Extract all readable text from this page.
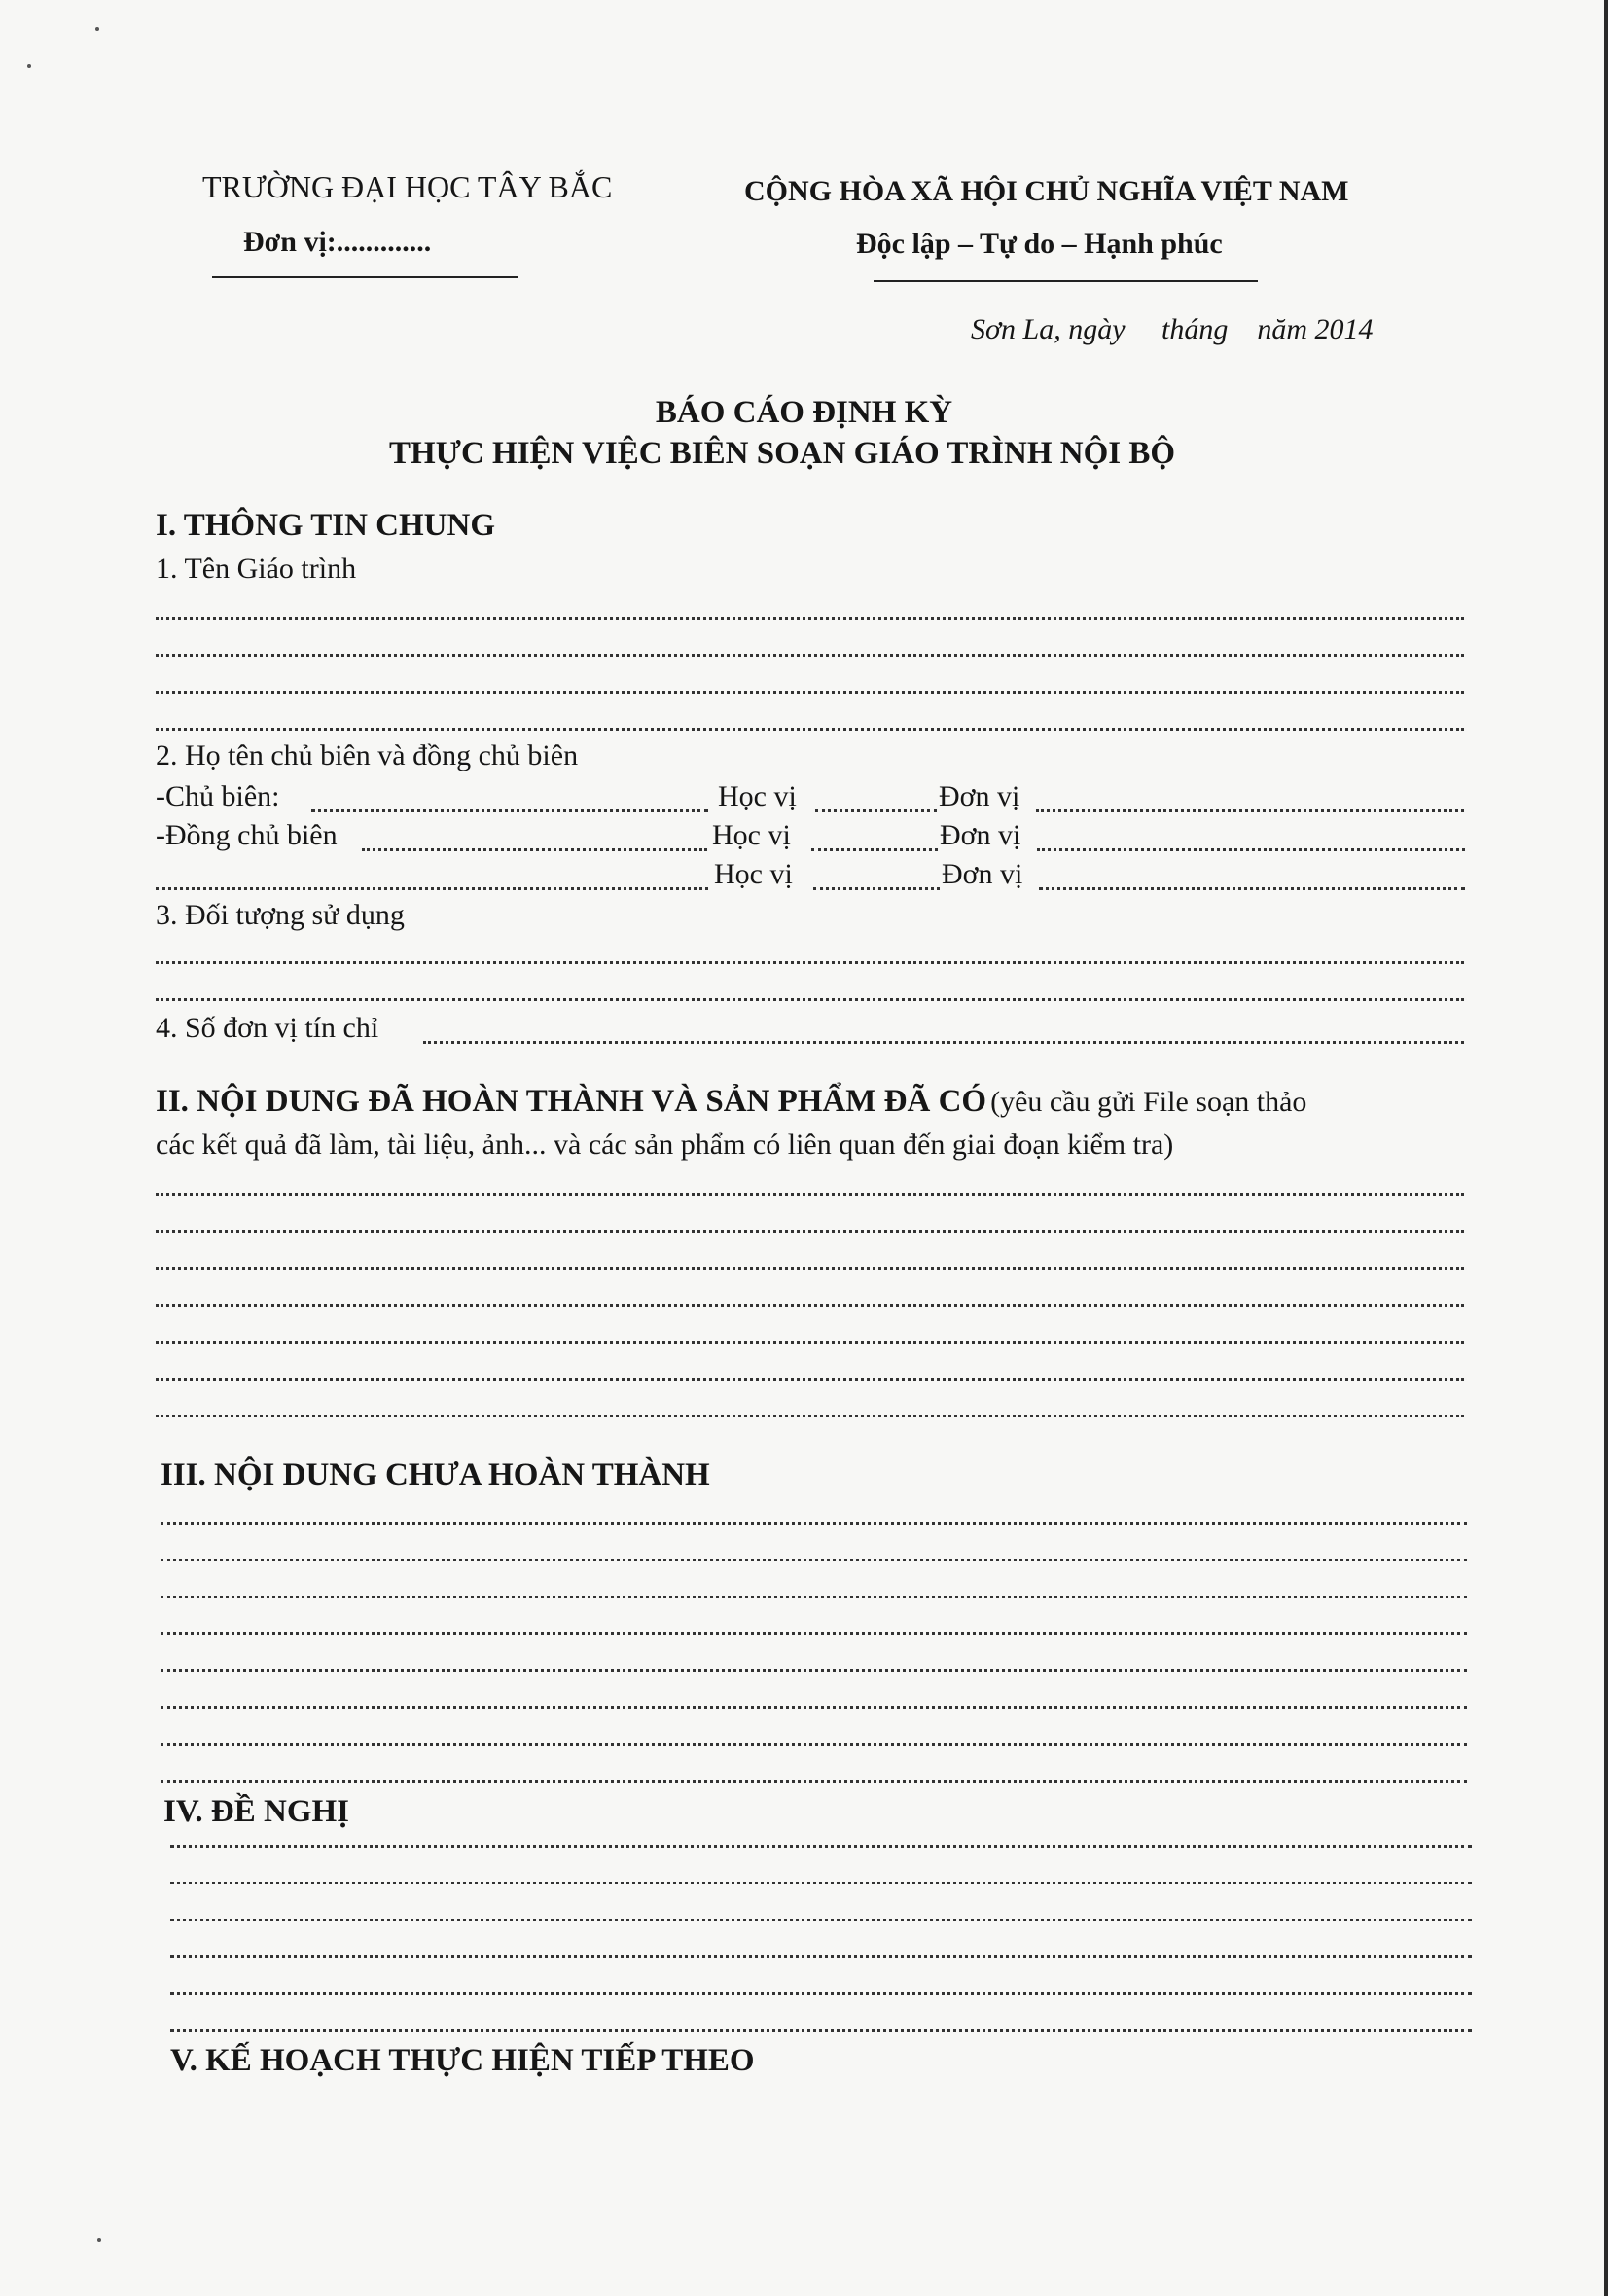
TRƯỜNG ĐẠI HỌC TÂY BẮC
Đơn vị:.............
CỘNG HÒA XÃ HỘI CHỦ NGHĨA VIỆT NAM
Độc lập – Tự do – Hạnh phúc
Sơn La, ngày     tháng    năm 2014
BÁO CÁO ĐỊNH KỲ
THỰC HIỆN VIỆC BIÊN SOẠN GIÁO TRÌNH NỘI BỘ
I. THÔNG TIN CHUNG
1. Tên Giáo trình
2. Họ tên chủ biên và đồng chủ biên
-Chủ biên:	Học vị	Đơn vị
-Đồng chủ biên	Học vị	Đơn vị
Học vị	Đơn vị
3. Đối tượng sử dụng
4. Số đơn vị tín chỉ
II. NỘI DUNG ĐÃ HOÀN THÀNH VÀ SẢN PHẨM ĐÃ CÓ (yêu cầu gửi File soạn thảo
các kết quả đã làm, tài liệu, ảnh... và các sản phẩm có liên quan đến giai đoạn kiểm tra)
III. NỘI DUNG CHƯA HOÀN THÀNH
IV. ĐỀ NGHỊ
V. KẾ HOẠCH THỰC HIỆN TIẾP THEO
